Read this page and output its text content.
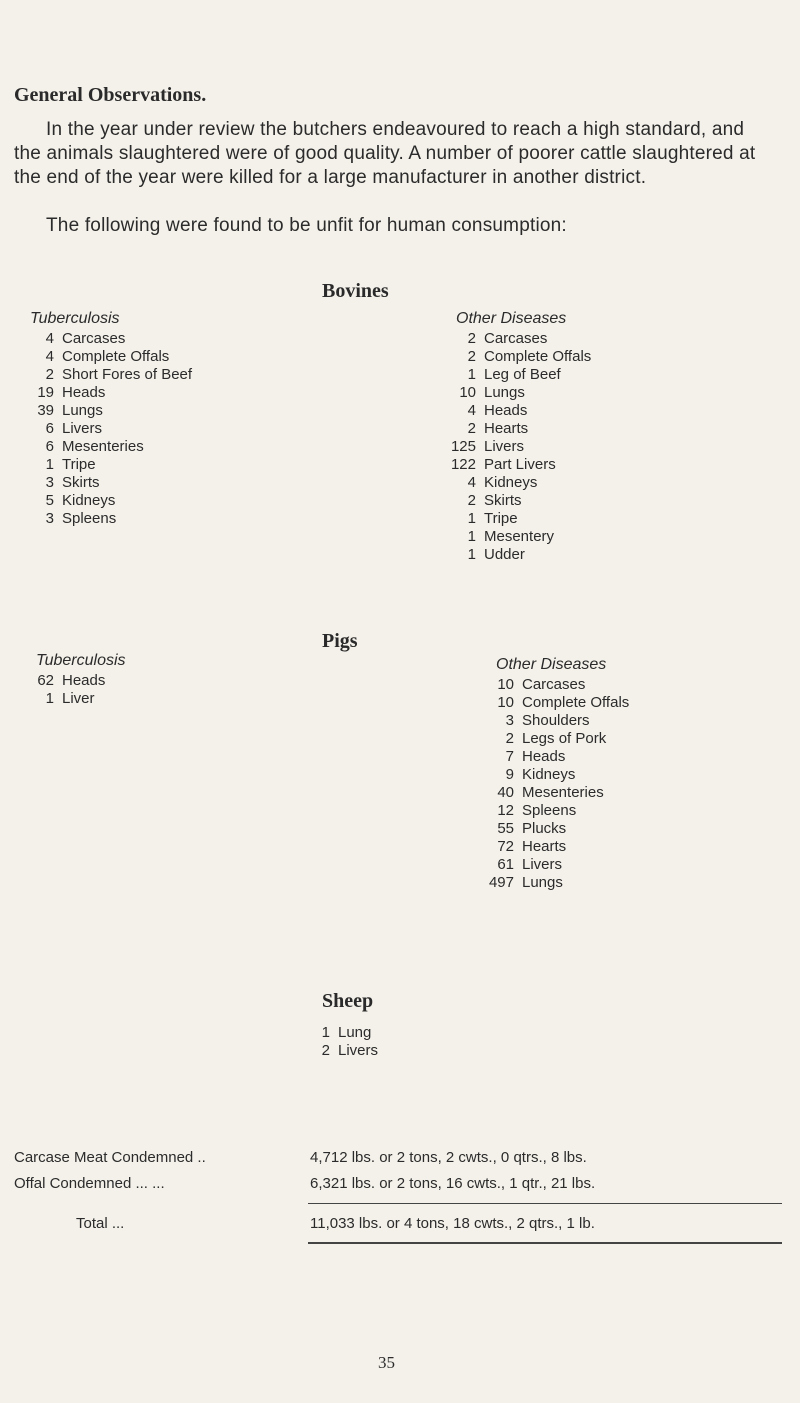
General Observations.

In the year under review the butchers endeavoured to reach a high standard, and the animals slaughtered were of good quality. A number of poorer cattle slaughtered at the end of the year were killed for a large manufacturer in another district.

The following were found to be unfit for human consumption:

Bovines
Tuberculosis
4 Carcases
4 Complete Offals
2 Short Fores of Beef
19 Heads
39 Lungs
6 Livers
6 Mesenteries
1 Tripe
3 Skirts
5 Kidneys
3 Spleens
Other Diseases
2 Carcases
2 Complete Offals
1 Leg of Beef
10 Lungs
4 Heads
2 Hearts
125 Livers
122 Part Livers
4 Kidneys
2 Skirts
1 Tripe
1 Mesentery
1 Udder
Pigs
Tuberculosis
62 Heads
1 Liver
Other Diseases
10 Carcases
10 Complete Offals
3 Shoulders
2 Legs of Pork
7 Heads
9 Kidneys
40 Mesenteries
12 Spleens
55 Plucks
72 Hearts
61 Livers
497 Lungs
Sheep
1 Lung
2 Livers
Carcase Meat Condemned ..	4,712 lbs. or 2 tons, 2 cwts., 0 qtrs., 8 lbs.
Offal Condemned ... ...	6,321 lbs. or 2 tons, 16 cwts., 1 qtr., 21 lbs.
Total ...	11,033 lbs. or 4 tons, 18 cwts., 2 qtrs., 1 lb.
35
